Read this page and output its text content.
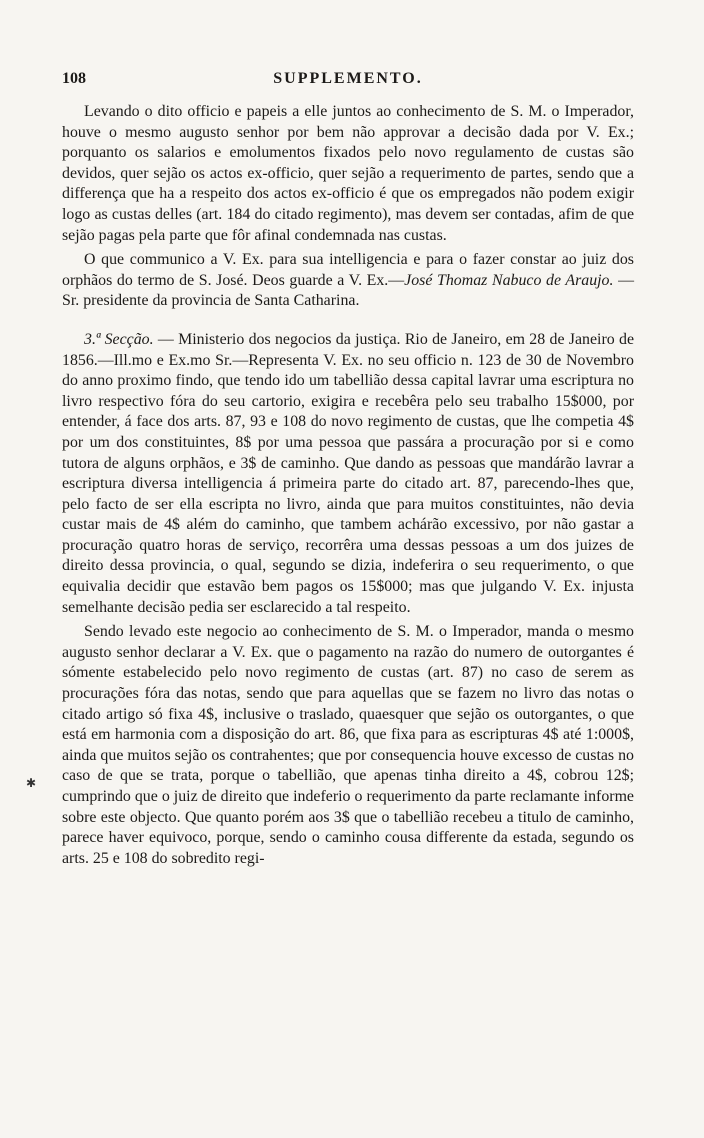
108	SUPPLEMENTO.

Levando o dito officio e papeis a elle juntos ao conhecimento de S. M. o Imperador, houve o mesmo augusto senhor por bem não approvar a decisão dada por V. Ex.; porquanto os salarios e emolumentos fixados pelo novo regulamento de custas são devidos, quer sejão os actos ex-officio, quer sejão a requerimento de partes, sendo que a differença que ha a respeito dos actos ex-officio é que os empregados não podem exigir logo as custas delles (art. 184 do citado regimento), mas devem ser contadas, afim de que sejão pagas pela parte que fôr afinal condemnada nas custas.

O que communico a V. Ex. para sua intelligencia e para o fazer constar ao juiz dos orphãos do termo de S. José. Deos guarde a V. Ex.—José Thomaz Nabuco de Araujo. —Sr. presidente da provincia de Santa Catharina.

3.ª Secção. — Ministerio dos negocios da justiça. Rio de Janeiro, em 28 de Janeiro de 1856.—Ill.mo e Ex.mo Sr.—Representa V. Ex. no seu officio n. 123 de 30 de Novembro do anno proximo findo, que tendo ido um tabellião dessa capital lavrar uma escriptura no livro respectivo fóra do seu cartorio, exigira e recebêra pelo seu trabalho 15$000, por entender, á face dos arts. 87, 93 e 108 do novo regimento de custas, que lhe competia 4$ por um dos constituintes, 8$ por uma pessoa que passára a procuração por si e como tutora de alguns orphãos, e 3$ de caminho. Que dando as pessoas que mandárão lavrar a escriptura diversa intelligencia á primeira parte do citado art. 87, parecendo-lhes que, pelo facto de ser ella escripta no livro, ainda que para muitos constituintes, não devia custar mais de 4$ além do caminho, que tambem achárão excessivo, por não gastar a procuração quatro horas de serviço, recorrêra uma dessas pessoas a um dos juizes de direito dessa provincia, o qual, segundo se dizia, indeferira o seu requerimento, o que equivalia decidir que estavão bem pagos os 15$000; mas que julgando V. Ex. injusta semelhante decisão pedia ser esclarecido a tal respeito.

Sendo levado este negocio ao conhecimento de S. M. o Imperador, manda o mesmo augusto senhor declarar a V. Ex. que o pagamento na razão do numero de outorgantes é sómente estabelecido pelo novo regimento de custas (art. 87) no caso de serem as procurações fóra das notas, sendo que para aquellas que se fazem no livro das notas o citado artigo só fixa 4$, inclusive o traslado, quaesquer que sejão os outorgantes, o que está em harmonia com a disposição do art. 86, que fixa para as escripturas 4$ até 1:000$, ainda que muitos sejão os contrahentes; que por consequencia houve excesso de custas no caso de que se trata, porque o tabellião, que apenas tinha direito a 4$, cobrou 12$; cumprindo que o juiz de direito que indeferio o requerimento da parte reclamante informe sobre este objecto. Que quanto porém aos 3$ que o tabellião recebeu a titulo de caminho, parece haver equivoco, porque, sendo o caminho cousa differente da estada, segundo os arts. 25 e 108 do sobredito regi-

✱
